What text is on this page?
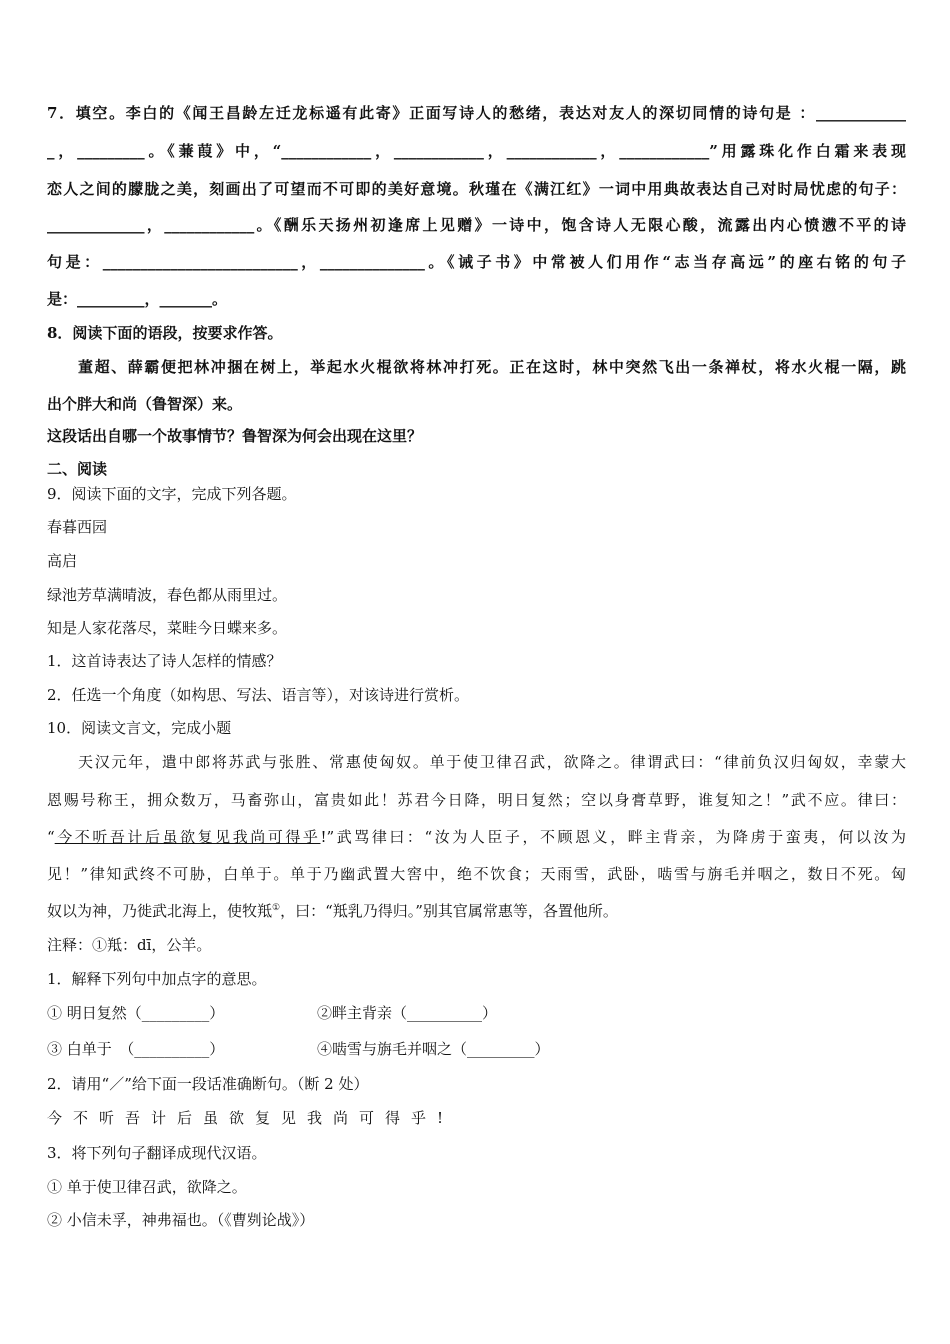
7．填空。李白的《闻王昌龄左迁龙标遥有此寄》正面写诗人的愁绪，表达对友人的深切同情的诗句是 ：____________
_，_________。《蒹葭》中，“____________，____________，____________，____________”用露珠化作白霜来表现
恋人之间的朦胧之美，刻画出了可望而不可即的美好意境。秋瑾在《满江红》一词中用典故表达自己对时局忧虑的句子：
_____________，____________。《酬乐天扬州初逢席上见赠》一诗中，饱含诗人无限心酸，流露出内心愤懑不平的诗
句是：__________________________，______________。《诫子书》中常被人们用作“志当存高远”的座右铭的句子
是：_________，_______。
8．阅读下面的语段，按要求作答。
董超、薛霸便把林冲捆在树上，举起水火棍欲将林冲打死。正在这时，林中突然飞出一条禅杖，将水火棍一隔，跳
出个胖大和尚（鲁智深）来。
这段话出自哪一个故事情节？鲁智深为何会出现在这里？
二、阅读
9．阅读下面的文字，完成下列各题。
春暮西园
高启
绿池芳草满晴波，春色都从雨里过。
知是人家花落尽，菜畦今日蝶来多。
1．这首诗表达了诗人怎样的情感？
2．任选一个角度（如构思、写法、语言等），对该诗进行赏析。
10．阅读文言文，完成小题
天汉元年，遣中郎将苏武与张胜、常惠使匈奴。单于使卫律召武，欲降之。律谓武曰：“律前负汉归匈奴，幸蒙大
恩赐号称王，拥众数万，马畜弥山，富贵如此！苏君今日降，明日复然；空以身膏草野，谁复知之！”武不应。律曰：
“今不听吾计后虽欲复见我尚可得乎!”武骂律曰：“汝为人臣子，不顾恩义，畔主背亲，为降虏于蛮夷，何以汝为
见！”律知武终不可胁，白单于。单于乃幽武置大窖中，绝不饮食；天雨雪，武卧，啮雪与旃毛并咽之，数日不死。匈
奴以为神，乃徙武北海上，使牧羝①，曰：“羝乳乃得归。”别其官属常惠等，各置他所。
注释：①羝：dī，公羊。
1．解释下列句中加点字的意思。
① 明日复然（_________）	②畔主背亲（__________）
③ 白单于　（__________）	④啮雪与旃毛并咽之（_________）
2．请用“／”给下面一段话准确断句。（断 2 处）
今不听吾计后虽欲复见我尚可得乎!
3．将下列句子翻译成现代汉语。
① 单于使卫律召武，欲降之。
② 小信未孚，神弗福也。（《曹刿论战》）
